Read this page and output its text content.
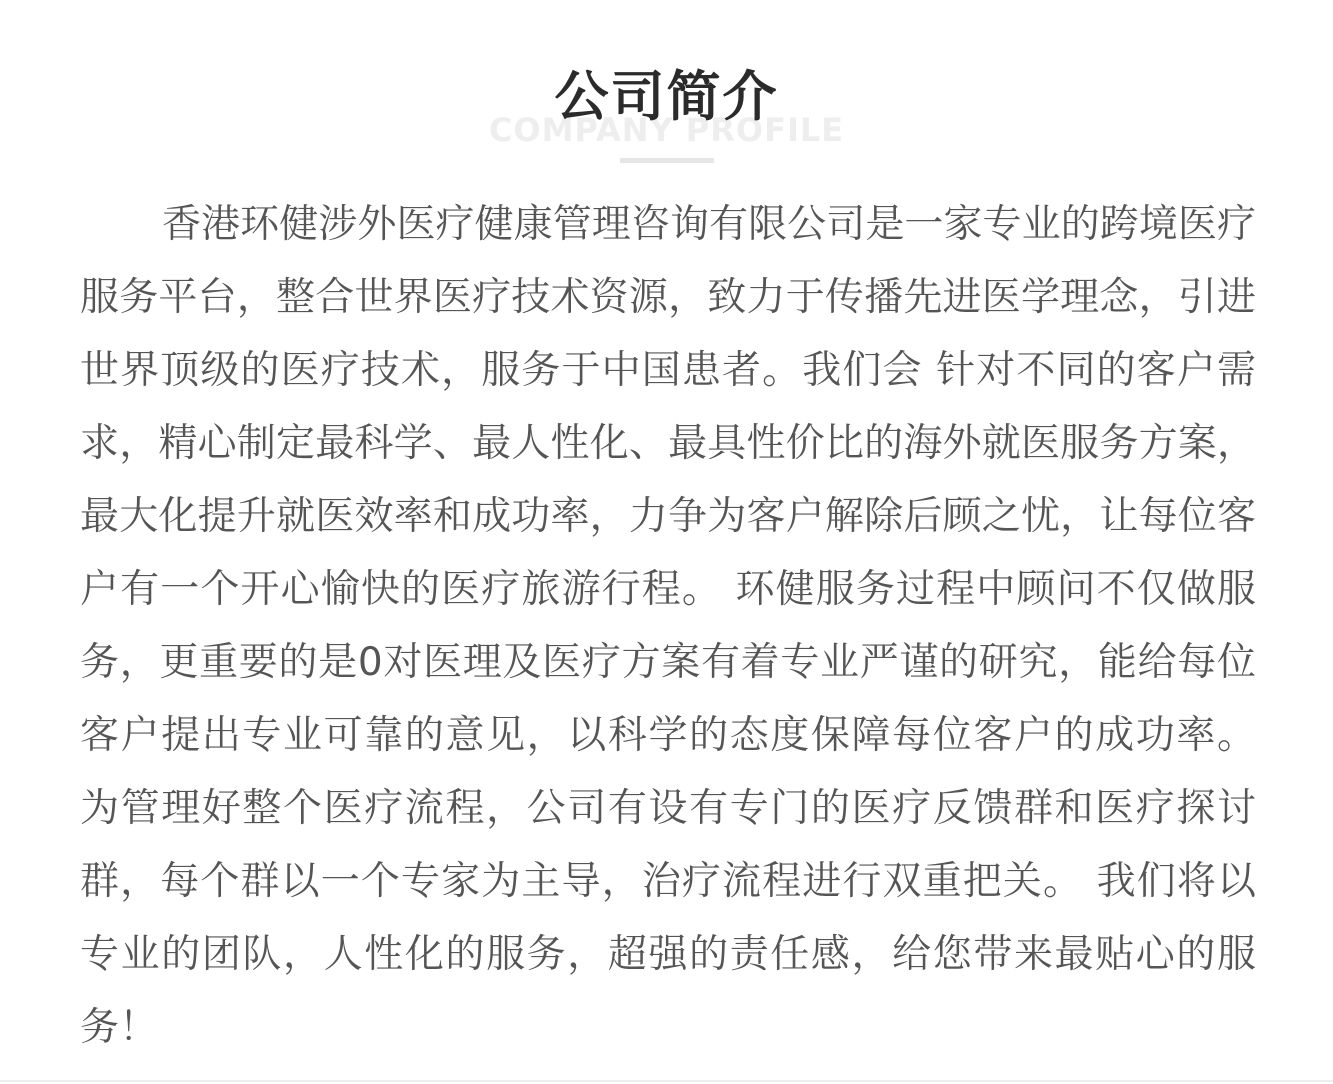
COMPANY PROFILE
公司简介

香港环健涉外医疗健康管理咨询有限公司是一家专业的跨境医疗服务平台，整合世界医疗技术资源，致力于传播先进医学理念，引进世界顶级的医疗技术，服务于中国患者。我们会 针对不同的客户需求，精心制定最科学、最人性化、最具性价比的海外就医服务方案，最大化提升就医效率和成功率，力争为客户解除后顾之忧，让每位客户有一个开心愉快的医疗旅游行程。 环健服务过程中顾问不仅做服务，更重要的是0对医理及医疗方案有着专业严谨的研究，能给每位客户提出专业可靠的意见，以科学的态度保障每位客户的成功率。 为管理好整个医疗流程，公司有设有专门的医疗反馈群和医疗探讨群，每个群以一个专家为主导，治疗流程进行双重把关。 我们将以专业的团队，人性化的服务，超强的责任感，给您带来最贴心的服务！
